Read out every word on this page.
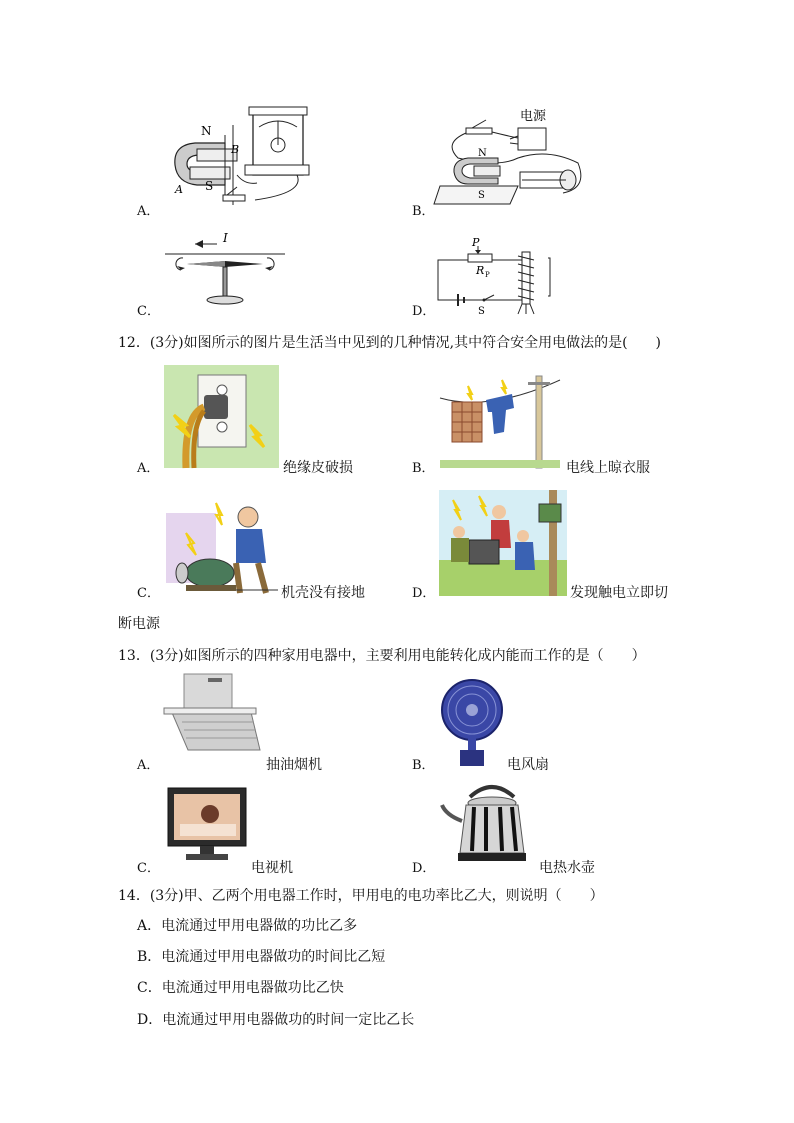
A．
N
S
A
B
B．
电源
N
S
C．
I
D．
P
R P
S
12．(3分)如图所示的图片是生活当中见到的几种情况,其中符合安全用电做法的是(　　)
A．	绝缘皮破损	B．	电线上晾衣服
C．	机壳没有接地	D．	发现触电立即切
断电源
13．(3分)如图所示的四种家用电器中，主要利用电能转化成内能而工作的是（　　）
A．	抽油烟机	B．	电风扇
C．	电视机	D．	电热水壶
14．(3分)甲、乙两个用电器工作时，甲用电的电功率比乙大，则说明（　　）
A．电流通过甲用电器做的功比乙多
B．电流通过甲用电器做功的时间比乙短
C．电流通过甲用电器做功比乙快
D．电流通过甲用电器做功的时间一定比乙长
